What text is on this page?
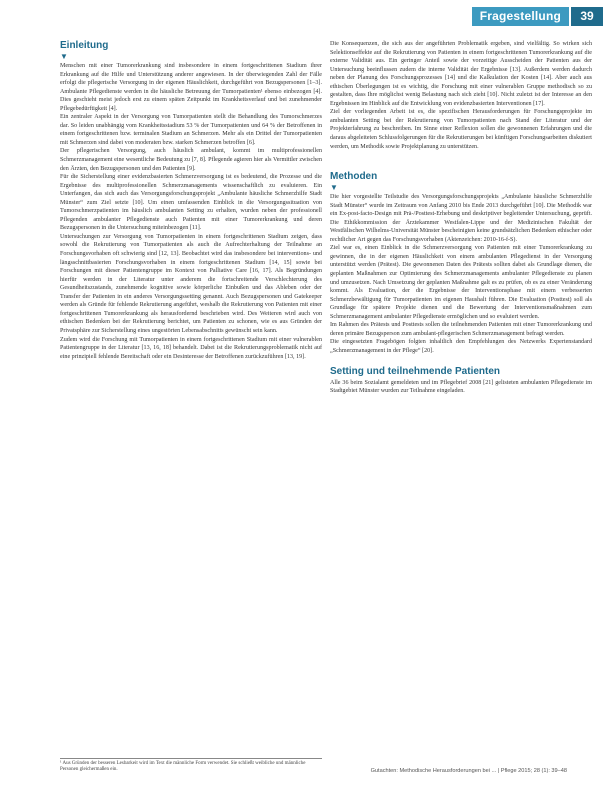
Fragestellung	39
Einleitung
▼

Menschen mit einer Tumorerkrankung sind insbesondere in einem fortgeschrittenen Stadium ihrer Erkrankung auf die Hilfe und Unterstützung anderer angewiesen. In der überwiegenden Zahl der Fälle erfolgt die pflegerische Versorgung in der eigenen Häuslichkeit, durchgeführt von Bezugspersonen [1–3]. Ambulante Pflegedienste werden in die häusliche Betreuung der Tumorpatienten¹ ebenso einbezogen [4]. Dies geschieht meist jedoch erst zu einem späten Zeitpunkt im Krankheitsverlauf und bei zunehmender Pflegebedürftigkeit [4].

Ein zentraler Aspekt in der Versorgung von Tumorpatienten stellt die Behandlung des Tumorschmerzes dar. So leiden unabhängig vom Krankheitsstadium 53 % der Tumorpatienten und 64 % der Betroffenen in einem fortgeschrittenen bzw. terminalen Stadium an Schmerzen. Mehr als ein Drittel der Tumorpatienten mit Schmerzen sind dabei von moderaten bzw. starken Schmerzen betroffen [6].

Der pflegerischen Versorgung, auch häuslich ambulant, kommt im multiprofessionellen Schmerzmanagement eine wesentliche Bedeutung zu [7, 8]. Pflegende agieren hier als Vermittler zwischen den Ärzten, den Bezugspersonen und den Patienten [9].

Für die Sicherstellung einer evidenzbasierten Schmerzversorgung ist es bedeutend, die Prozesse und die Ergebnisse des multiprofessionellen Schmerzmanagements wissenschaftlich zu evaluieren. Ein Unterfangen, das sich auch das Versorgungsforschungsprojekt „Ambulante häusliche Schmerzhilfe Stadt Münster“ zum Ziel setzte [10]. Um einen umfassenden Einblick in die Versorgungssituation von Tumorschmerzpatienten im häuslich ambulanten Setting zu erhalten, wurden neben der professionell Pflegenden ambulanter Pflegedienste auch Patienten mit einer Tumorerkrankung und deren Bezugspersonen in die Untersuchung miteinbezogen [11].

Untersuchungen zur Versorgung von Tumorpatienten in einem fortgeschrittenen Stadium zeigen, dass sowohl die Rekrutierung von Tumorpatienten als auch die Aufrechterhaltung der Teilnahme an Forschungsvorhaben oft schwierig sind [12, 13]. Beobachtet wird das insbesondere bei interventions- und längsschnittbasierten Forschungsvorhaben in einem fortgeschrittenen Stadium [14, 15] sowie bei Forschungen mit dieser Patientengruppe im Kontext von Palliative Care [16, 17]. Als Begründungen hierfür werden in der Literatur unter anderem die fortschreitende Verschlechterung des Gesundheitszustands, zunehmende kognitive sowie körperliche Einbußen und das Ableben oder der Transfer der Patienten in ein anderes Versorgungssetting genannt. Auch Bezugspersonen und Gatekeeper werden als Gründe für fehlende Rekrutierung angeführt, weshalb die Rekrutierung von Patienten mit einer fortgeschrittenen Tumorerkrankung als herausfordernd beschrieben wird. Des Weiteren wird auch von ethischen Bedenken bei der Rekrutierung berichtet, um Patienten zu schonen, wie es aus Gründen der Privatsphäre zur Sicherstellung eines ungestörten Lebensabschnitts gewünscht sein kann.

Zudem wird die Forschung mit Tumorpatienten in einem fortgeschrittenen Stadium mit einer vulnerablen Patientengruppe in der Literatur [13, 16, 18] behandelt. Dabei ist die Rekrutierungsproblematik nicht auf eine prinzipiell fehlende Bereitschaft oder ein Desinteresse der Betroffenen zurückzuführen [13, 19].

¹ Aus Gründen der besseren Lesbarkeit wird im Text die männliche Form verwendet. Sie schließt weibliche und männliche Personen gleichermaßen ein.

Die Konsequenzen, die sich aus der angeführten Problematik ergeben, sind vielfältig. So wirken sich Selektionseffekte auf die Rekrutierung von Patienten in einem fortgeschrittenen Tumorerkrankung auf die externe Validität aus. Ein geringer Anteil sowie der vorzeitige Ausscheiden der Patienten aus der Untersuchung beeinflussen zudem die interne Validität der Ergebnisse [13]. Außerdem werden dadurch neben der Planung des Forschungsprozesses [14] und die Kalkulation der Kosten [14]. Aber auch aus ethischen Überlegungen ist es wichtig, die Forschung mit einer vulnerablen Gruppe methodisch so zu gestalten, dass Ihre möglichst wenig Belastung nach sich zieht [10]. Nicht zuletzt ist der Interesse an den Ergebnissen im Hinblick auf die Entwicklung von evidenzbasierten Interventionen [17].

Ziel der vorliegenden Arbeit ist es, die spezifischen Herausforderungen für Forschungsprojekte im ambulanten Setting bei der Rekrutierung von Tumorpatienten nach Stand der Literatur und der Projekterfahrung zu beschreiben. Im Sinne einer Reflexion sollen die gewonnenen Erfahrungen und die daraus abgeleiteten Schlussfolgerungen für die Rekrutierungen bei künftigen Forschungsarbeiten diskutiert werden, um Methodik sowie Projektplanung zu unterstützen.

Methoden
▼

Die hier vorgestellte Teilstudie des Versorgungsforschungsprojekts „Ambulante häusliche Schmerzhilfe Stadt Münster“ wurde im Zeitraum von Anfang 2010 bis Ende 2013 durchgeführt [10]. Die Methodik war ein Ex-post-facto-Design mit Prä-/Posttest-Erhebung und deskriptiver begleitender Untersuchung, geprüft. Die Ethikkommission der Ärztekammer Westfalen-Lippe und der Medizinischen Fakultät der Westfälischen Wilhelms-Universität Münster bescheinigten keine grundsätzlichen Bedenken ethischer oder rechtlicher Art gegen das Forschungsvorhaben (Aktenzeichen: 2010-16-f-S).

Ziel war es, einen Einblick in die Schmerzversorgung von Patienten mit einer Tumorerkrankung zu gewinnen, die in der eigenen Häuslichkeit von einem ambulanten Pflegedienst in der Versorgung unterstützt werden (Prätest). Die gewonnenen Daten des Prätests sollten dabei als Grundlage dienen, die geplanten Maßnahmen zur Optimierung des Schmerzmanagements ambulanter Pflegedienste zu planen und umzusetzen. Nach Umsetzung der geplanten Maßnahme galt es zu prüfen, ob es zu einer Veränderung kommt. Als Evaluation, der die Ergebnisse der Interventionsphase mit einem verbesserten Schmerzbewältigung für Tumorpatienten im eigenen Haushalt führen. Die Evaluation (Posttest) soll als Grundlage für spätere Projekte dienen und die Bewertung der Interventionsmaßnahmen zum Schmerzmanagement ambulanter Pflegedienste ermöglichen und so evaluiert werden.

Im Rahmen des Prätests und Posttests sollen die teilnehmenden Patienten mit einer Tumorerkrankung und deren primäre Bezugsperson zum ambulant-pflegerischen Schmerzmanagement befragt werden.

Die eingesetzten Fragebögen folgten inhaltlich den Empfehlungen des Netzwerks Expertenstandard „Schmerzmanagement in der Pflege“ [20].

Setting und teilnehmende Patienten

Alle 36 beim Sozialamt gemeldeten und im Pflegebrief 2008 [21] gelisteten ambulanten Pflegedienste im Stadtgebiet Münster wurden zur Teilnahme eingeladen.

Gutachten: Methodische Herausforderungen bei ... | Pflege 2015; 28 (1): 39–48
